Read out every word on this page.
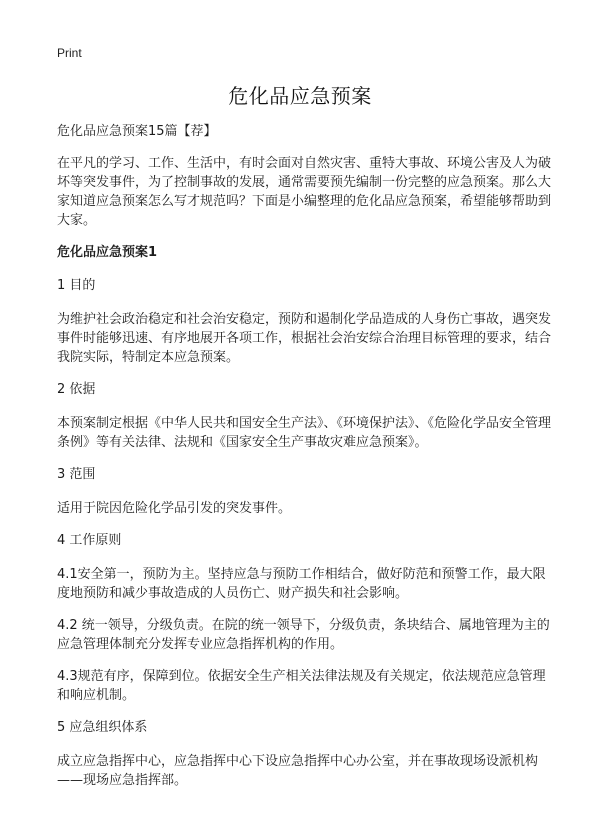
Print
危化品应急预案

危化品应急预案15篇【荐】

在平凡的学习、工作、生活中，有时会面对自然灾害、重特大事故、环境公害及人为破坏等突发事件，为了控制事故的发展，通常需要预先编制一份完整的应急预案。那么大家知道应急预案怎么写才规范吗？下面是小编整理的危化品应急预案，希望能够帮助到大家。

危化品应急预案1

1 目的

为维护社会政治稳定和社会治安稳定，预防和遏制化学品造成的人身伤亡事故，遇突发事件时能够迅速、有序地展开各项工作，根据社会治安综合治理目标管理的要求，结合我院实际，特制定本应急预案。

2 依据

本预案制定根据《中华人民共和国安全生产法》、《环境保护法》、《危险化学品安全管理条例》等有关法律、法规和《国家安全生产事故灾难应急预案》。

3 范围

适用于院因危险化学品引发的突发事件。

4 工作原则

4.1安全第一，预防为主。坚持应急与预防工作相结合，做好防范和预警工作，最大限度地预防和减少事故造成的人员伤亡、财产损失和社会影响。

4.2 统一领导，分级负责。在院的统一领导下，分级负责，条块结合、属地管理为主的应急管理体制充分发挥专业应急指挥机构的作用。

4.3规范有序，保障到位。依据安全生产相关法律法规及有关规定，依法规范应急管理和响应机制。

5 应急组织体系

成立应急指挥中心，应急指挥中心下设应急指挥中心办公室，并在事故现场设派机构——现场应急指挥部。
